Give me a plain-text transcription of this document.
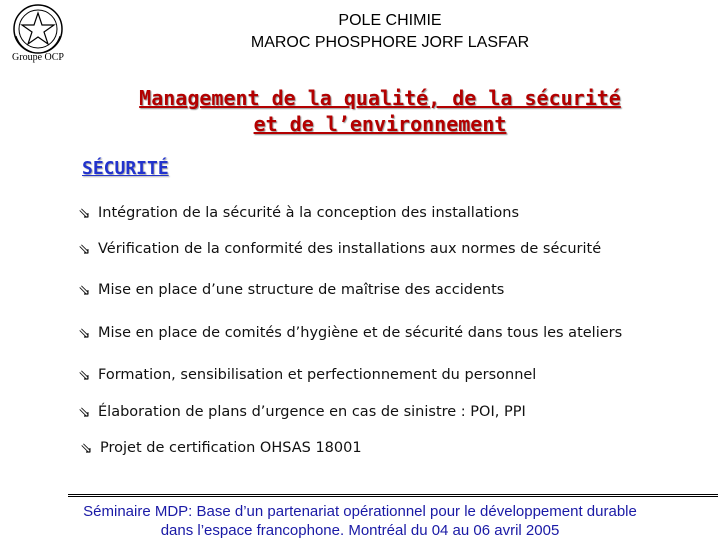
Groupe OCP
POLE CHIMIE
MAROC PHOSPHORE JORF LASFAR
Management de la qualité, de la sécurité
et de l’environnement
SÉCURITÉ
⇘ Intégration de la sécurité à la conception des installations
⇘ Vérification de la conformité des installations aux normes de sécurité
⇘ Mise en place d’une structure de maîtrise des accidents
⇘ Mise en place de comités d’hygiène et de sécurité dans tous les ateliers
⇘ Formation, sensibilisation et perfectionnement du personnel
⇘ Élaboration de plans d’urgence en cas de sinistre : POI, PPI
⇘ Projet de certification OHSAS 18001
Séminaire MDP: Base d’un partenariat opérationnel pour le développement durable
dans l’espace francophone. Montréal du 04 au 06 avril 2005
